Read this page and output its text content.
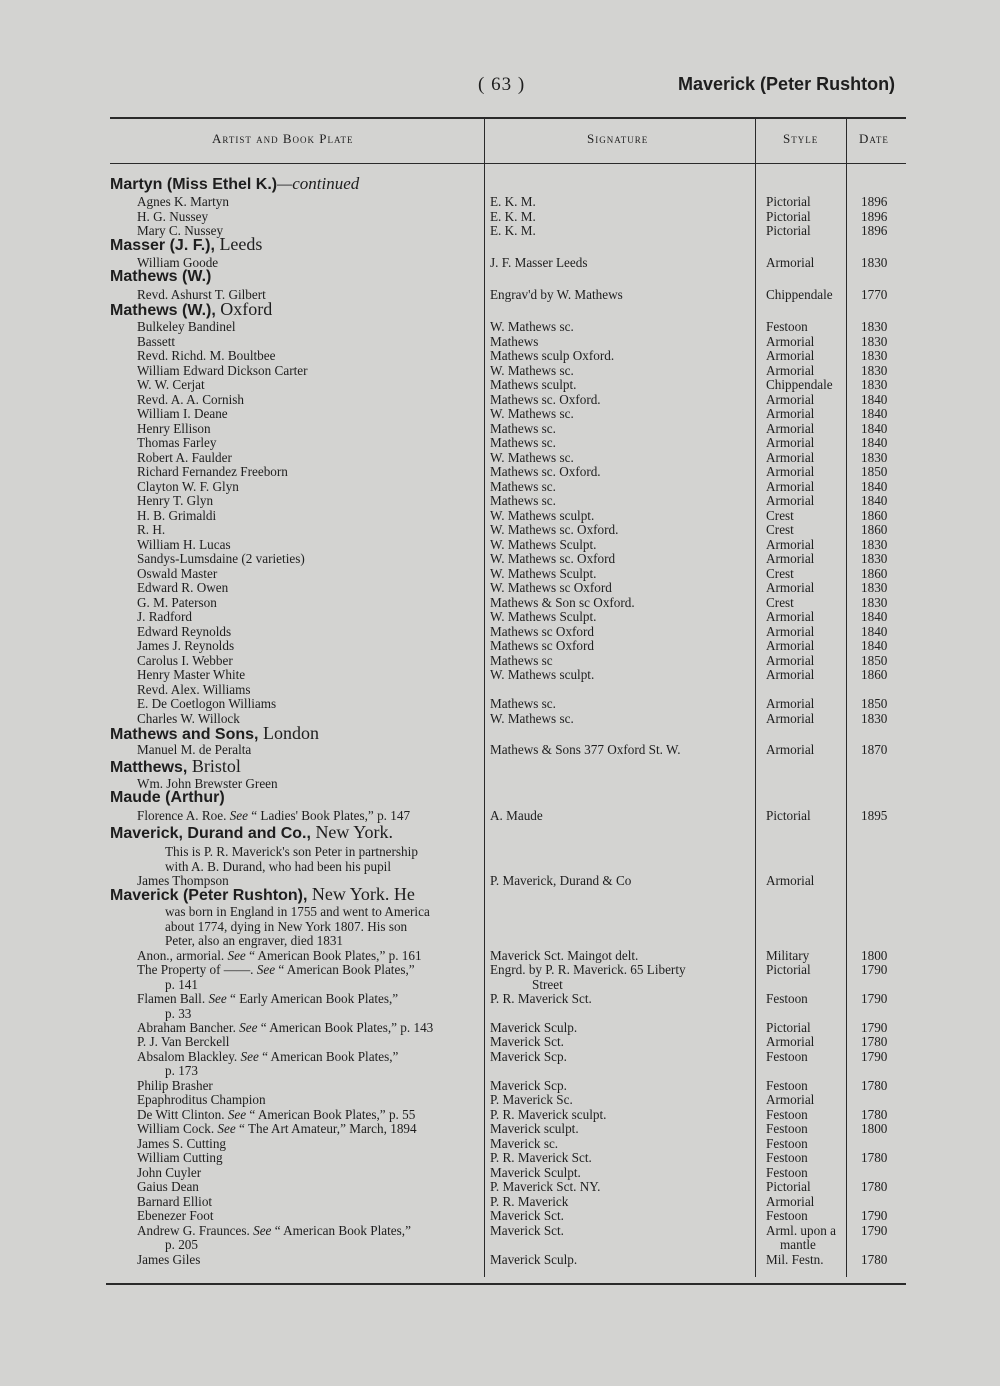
( 63 )	Maverick (Peter Rushton)
Artist and Book Plate	Signature	Style	Date
Martyn (Miss Ethel K.)—continued
Agnes K. Martyn	E. K. M.	Pictorial	1896
H. G. Nussey	E. K. M.	Pictorial	1896
Mary C. Nussey	E. K. M.	Pictorial	1896
Masser (J. F.), Leeds
William Goode	J. F. Masser Leeds	Armorial	1830
Mathews (W.)
Revd. Ashurst T. Gilbert	Engrav'd by W. Mathews	Chippendale 1770
Mathews (W.), Oxford
Bulkeley Bandinel	W. Mathews sc.	Festoon	1830
Bassett	Mathews	Armorial	1830
Revd. Richd. M. Boultbee	Mathews sculp Oxford.	Armorial	1830
William Edward Dickson Carter	W. Mathews sc.	Armorial	1830
W. W. Cerjat	Mathews sculpt.	Chippendale 1830
Revd. A. A. Cornish	Mathews sc. Oxford.	Armorial	1840
William I. Deane	W. Mathews sc.	Armorial	1840
Henry Ellison	Mathews sc.	Armorial	1840
Thomas Farley	Mathews sc.	Armorial	1840
Robert A. Faulder	W. Mathews sc.	Armorial	1830
Richard Fernandez Freeborn	Mathews sc. Oxford.	Armorial	1850
Clayton W. F. Glyn	Mathews sc.	Armorial	1840
Henry T. Glyn	Mathews sc.	Armorial	1840
H. B. Grimaldi	W. Mathews sculpt.	Crest	1860
R. H.	W. Mathews sc. Oxford.	Crest	1860
William H. Lucas	W. Mathews Sculpt.	Armorial	1830
Sandys-Lumsdaine (2 varieties)	W. Mathews sc. Oxford	Armorial	1830
Oswald Master	W. Mathews Sculpt.	Crest	1860
Edward R. Owen	W. Mathews sc Oxford	Armorial	1830
G. M. Paterson	Mathews & Son sc Oxford.	Crest	1830
J. Radford	W. Mathews Sculpt.	Armorial	1840
Edward Reynolds	Mathews sc Oxford	Armorial	1840
James J. Reynolds	Mathews sc Oxford	Armorial	1840
Carolus I. Webber	Mathews sc	Armorial	1850
Henry Master White	W. Mathews sculpt.	Armorial	1860
Revd. Alex. Williams
E. De Coetlogon Williams	Mathews sc.	Armorial	1850
Charles W. Willock	W. Mathews sc.	Armorial	1830
Mathews and Sons, London
Manuel M. de Peralta	Mathews & Sons 377 Oxford St. W.	Armorial	1870
Matthews, Bristol
Wm. John Brewster Green
Maude (Arthur)
Florence A. Roe. See “ Ladies' Book Plates,” p. 147	A. Maude	Pictorial	1895
Maverick, Durand and Co., New York.
This is P. R. Maverick's son Peter in partnership
with A. B. Durand, who had been his pupil
James Thompson	P. Maverick, Durand & Co	Armorial
Maverick (Peter Rushton), New York. He
was born in England in 1755 and went to America
about 1774, dying in New York 1807. His son
Peter, also an engraver, died 1831
Anon., armorial. See “ American Book Plates,” p. 161	Maverick Sct. Maingot delt.	Military	1800
The Property of ——. See “ American Book Plates,”	Engrd. by P. R. Maverick. 65 Liberty	Pictorial	1790
p. 141	Street
Flamen Ball. See “ Early American Book Plates,”	P. R. Maverick Sct.	Festoon	1790
p. 33
Abraham Bancher. See “ American Book Plates,” p. 143	Maverick Sculp.	Pictorial	1790
P. J. Van Berckell	Maverick Sct.	Armorial	1780
Absalom Blackley. See “ American Book Plates,”	Maverick Scp.	Festoon	1790
p. 173
Philip Brasher	Maverick Scp.	Festoon	1780
Epaphroditus Champion	P. Maverick Sc.	Armorial
De Witt Clinton. See “ American Book Plates,” p. 55	P. R. Maverick sculpt.	Festoon	1780
William Cock. See “ The Art Amateur,” March, 1894	Maverick sculpt.	Festoon	1800
James S. Cutting	Maverick sc.	Festoon
William Cutting	P. R. Maverick Sct.	Festoon	1780
John Cuyler	Maverick Sculpt.	Festoon
Gaius Dean	P. Maverick Sct. NY.	Pictorial	1780
Barnard Elliot	P. R. Maverick	Armorial
Ebenezer Foot	Maverick Sct.	Festoon	1790
Andrew G. Fraunces. See “ American Book Plates,”	Maverick Sct.	Arml. upon a 1790
p. 205	mantle
James Giles	Maverick Sculp.	Mil. Festn.	1780
